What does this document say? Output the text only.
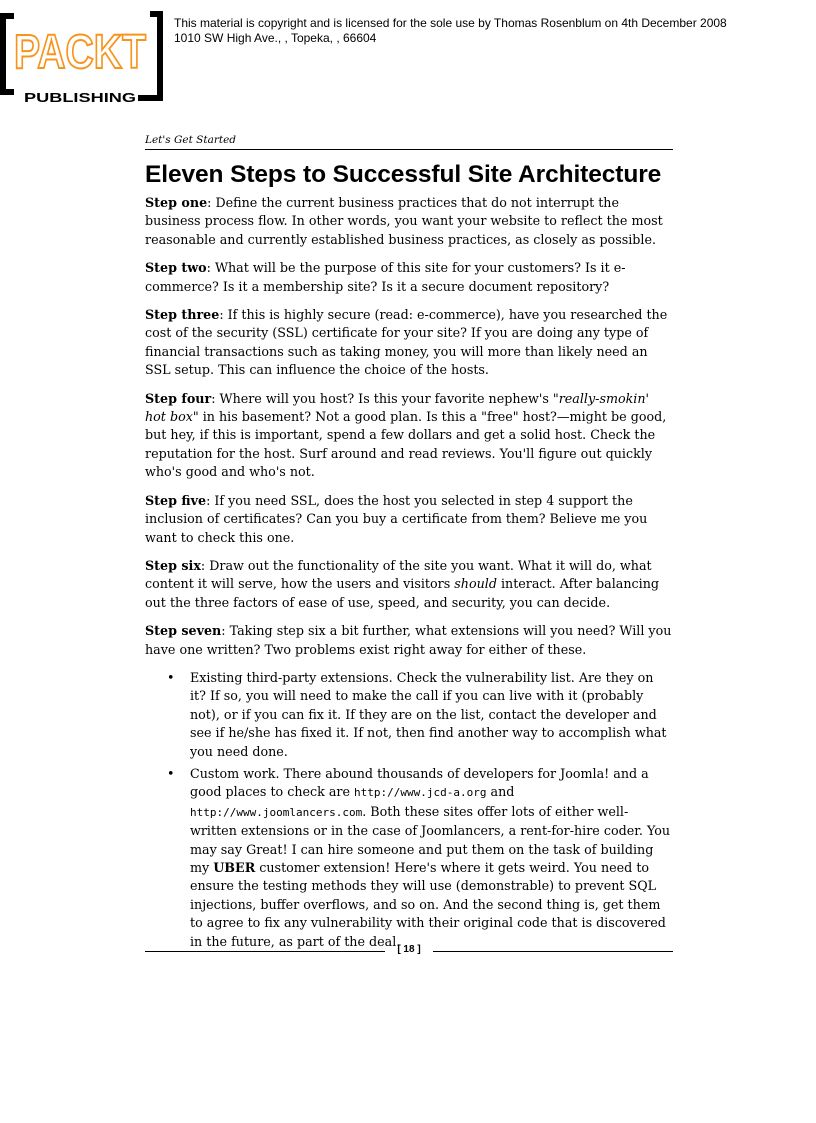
PACKT
PUBLISHING
This material is copyright and is licensed for the sole use by Thomas Rosenblum on 4th December 2008
1010 SW High Ave., , Topeka, , 66604
Let's Get Started
Eleven Steps to Successful Site Architecture

Step one: Define the current business practices that do not interrupt the business process flow. In other words, you want your website to reflect the most reasonable and currently established business practices, as closely as possible.

Step two: What will be the purpose of this site for your customers? Is it e-commerce? Is it a membership site? Is it a secure document repository?

Step three: If this is highly secure (read: e-commerce), have you researched the cost of the security (SSL) certificate for your site? If you are doing any type of financial transactions such as taking money, you will more than likely need an SSL setup. This can influence the choice of the hosts.

Step four: Where will you host? Is this your favorite nephew's "really-smokin' hot box" in his basement? Not a good plan. Is this a "free" host?—might be good, but hey, if this is important, spend a few dollars and get a solid host. Check the reputation for the host. Surf around and read reviews. You'll figure out quickly who's good and who's not.

Step five: If you need SSL, does the host you selected in step 4 support the inclusion of certificates? Can you buy a certificate from them? Believe me you want to check this one.

Step six: Draw out the functionality of the site you want. What it will do, what content it will serve, how the users and visitors should interact. After balancing out the three factors of ease of use, speed, and security, you can decide.

Step seven: Taking step six a bit further, what extensions will you need? Will you have one written? Two problems exist right away for either of these.

• Existing third-party extensions. Check the vulnerability list. Are they on it? If so, you will need to make the call if you can live with it (probably not), or if you can fix it. If they are on the list, contact the developer and see if he/she has fixed it. If not, then find another way to accomplish what you need done.
• Custom work. There abound thousands of developers for Joomla! and a good places to check are http://www.jcd-a.org and http://www.joomlancers.com. Both these sites offer lots of either well-written extensions or in the case of Joomlancers, a rent-for-hire coder. You may say Great! I can hire someone and put them on the task of building my UBER customer extension! Here's where it gets weird. You need to ensure the testing methods they will use (demonstrable) to prevent SQL injections, buffer overflows, and so on. And the second thing is, get them to agree to fix any vulnerability with their original code that is discovered in the future, as part of the deal.
[ 18 ]
